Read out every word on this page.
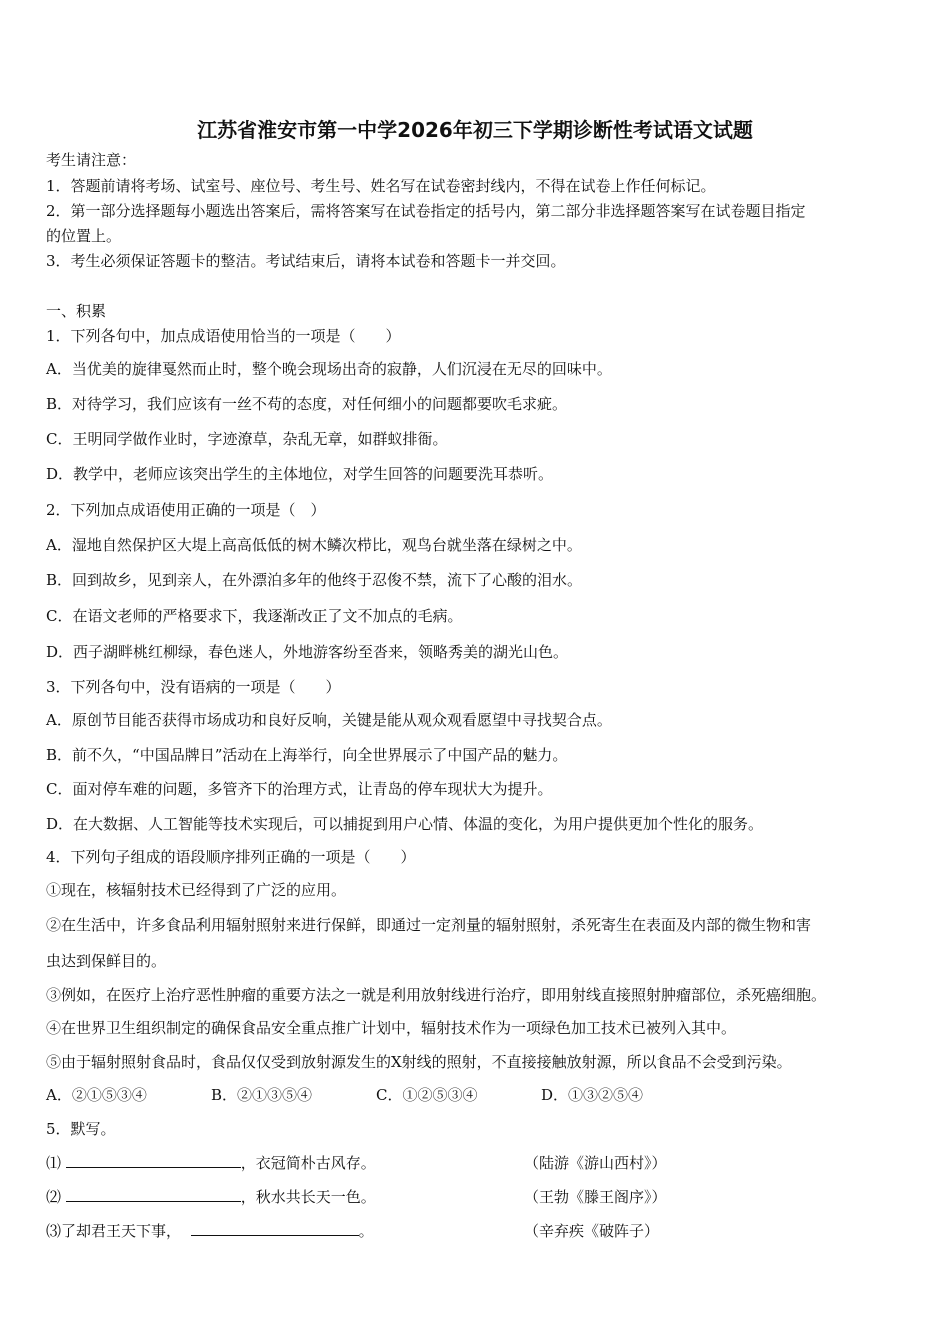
江苏省淮安市第一中学2026年初三下学期诊断性考试语文试题
考生请注意：
1．答题前请将考场、试室号、座位号、考生号、姓名写在试卷密封线内，不得在试卷上作任何标记。
2．第一部分选择题每小题选出答案后，需将答案写在试卷指定的括号内，第二部分非选择题答案写在试卷题目指定
的位置上。
3．考生必须保证答题卡的整洁。考试结束后，请将本试卷和答题卡一并交回。
一、积累
1．下列各句中，加点成语使用恰当的一项是（　　）
A．当优美的旋律戛然而止时，整个晚会现场出奇的寂静，人们沉浸在无尽的回味中。
B．对待学习，我们应该有一丝不苟的态度，对任何细小的问题都要吹毛求疵。
C．王明同学做作业时，字迹潦草，杂乱无章，如群蚁排衙。
D．教学中，老师应该突出学生的主体地位，对学生回答的问题要洗耳恭听。
2．下列加点成语使用正确的一项是（　）
A．湿地自然保护区大堤上高高低低的树木鳞次栉比，观鸟台就坐落在绿树之中。
B．回到故乡，见到亲人，在外漂泊多年的他终于忍俊不禁，流下了心酸的泪水。
C．在语文老师的严格要求下，我逐渐改正了文不加点的毛病。
D．西子湖畔桃红柳绿，春色迷人，外地游客纷至沓来，领略秀美的湖光山色。
3．下列各句中，没有语病的一项是（　　）
A．原创节目能否获得市场成功和良好反响，关键是能从观众观看愿望中寻找契合点。
B．前不久，“中国品牌日”活动在上海举行，向全世界展示了中国产品的魅力。
C．面对停车难的问题，多管齐下的治理方式，让青岛的停车现状大为提升。
D．在大数据、人工智能等技术实现后，可以捕捉到用户心情、体温的变化，为用户提供更加个性化的服务。
4．下列句子组成的语段顺序排列正确的一项是（　　）
①现在，核辐射技术已经得到了广泛的应用。
②在生活中，许多食品利用辐射照射来进行保鲜，即通过一定剂量的辐射照射，杀死寄生在表面及内部的微生物和害
虫达到保鲜目的。
③例如，在医疗上治疗恶性肿瘤的重要方法之一就是利用放射线进行治疗，即用射线直接照射肿瘤部位，杀死癌细胞。
④在世界卫生组织制定的确保食品安全重点推广计划中，辐射技术作为一项绿色加工技术已被列入其中。
⑤由于辐射照射食品时，食品仅仅受到放射源发生的X射线的照射，不直接接触放射源，所以食品不会受到污染。
A．②①⑤③④	B．②①③⑤④	C．①②⑤③④	D．①③②⑤④
5．默写。
⑴	，衣冠简朴古风存。	（陆游《游山西村》）
⑵	，秋水共长天一色。	（王勃《滕王阁序》）
⑶了却君王天下事，	。	（辛弃疾《破阵子）
